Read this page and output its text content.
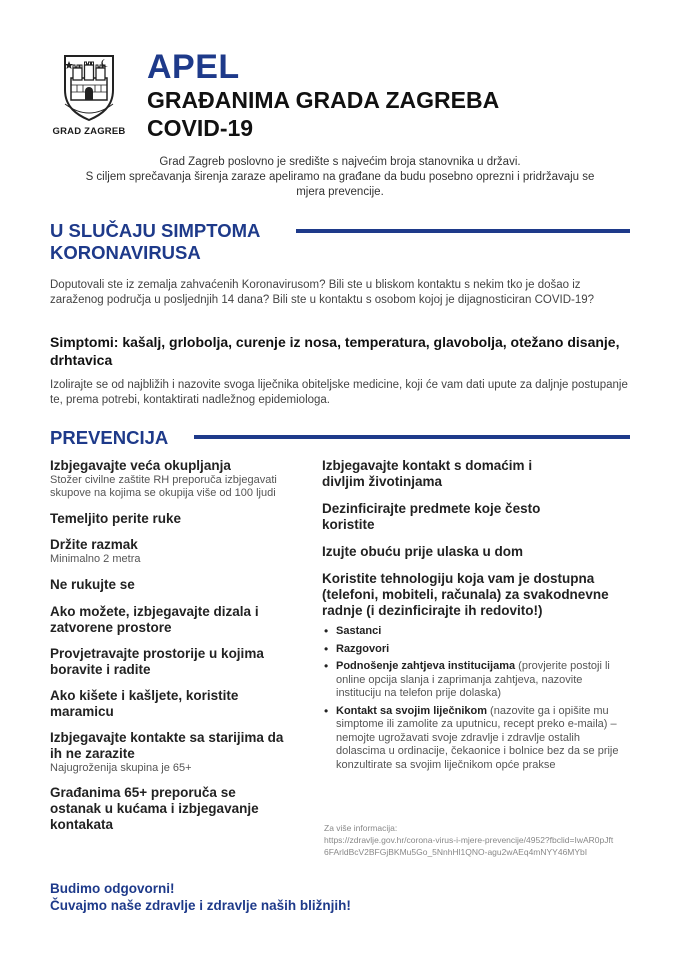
GRAD ZAGREB
APEL
GRAĐANIMA GRADA ZAGREBA
COVID-19

Grad Zagreb poslovno je središte s najvećim broja stanovnika u državi.

S ciljem sprečavanja širenja zaraze apeliramo na građane da budu posebno oprezni i pridržavaju se

mjera prevencije.

U SLUČAJU SIMPTOMA
KORONAVIRUSA
Doputovali ste iz zemalja zahvaćenih Koronavirusom? Bili ste u bliskom kontaktu s nekim tko je došao iz zaraženog područja u posljednjih 14 dana? Bili ste u kontaktu s osobom kojoj je dijagnosticiran COVID-19?
Simptomi: kašalj, grlobolja, curenje iz nosa, temperatura, glavobolja, otežano disanje, drhtavica
Izolirajte se od najbližih i nazovite svoga liječnika obiteljske medicine, koji će vam dati upute za daljnje postupanje te, prema potrebi, kontaktirati nadležnog epidemiologa.
PREVENCIJA
Izbjegavajte veća okupljanja
Stožer civilne zaštite RH preporuča izbjegavati skupove na kojima se okupija više od 100 ljudi
Temeljito perite ruke
Držite razmak
Minimalno 2 metra
Ne rukujte se
Ako možete, izbjegavajte dizala i zatvorene prostore
Provjetravajte prostorije u kojima boravite i radite
Ako kišete i kašljete, koristite maramicu
Izbjegavajte kontakte sa starijima da ih ne zarazite
Najugroženija skupina je 65+
Građanima 65+ preporuča se ostanak u kućama i izbjegavanje kontakata
Izbjegavajte kontakt s domaćim i divljim životinjama
Dezinficirajte predmete koje često koristite
Izujte obuću prije ulaska u dom
Koristite tehnologiju koja vam je dostupna (telefoni, mobiteli, računala) za svakodnevne radnje (i dezinficirajte ih redovito!)
• Sastanci
• Razgovori
• Podnošenje zahtjeva institucijama (provjerite postoji li online opcija slanja i zaprimanja zahtjeva, nazovite instituciju na telefon prije dolaska)
• Kontakt sa svojim liječnikom (nazovite ga i opišite mu simptome ili zamolite za uputnicu, recept preko e-maila) – nemojte ugrožavati svoje zdravlje i zdravlje ostalih dolascima u ordinacije, čekaonice i bolnice bez da se prije konzultirate sa svojim liječnikom opće prakse
Za više informacija:
https://zdravlje.gov.hr/corona-virus-i-mjere-prevencije/4952?fbclid=IwAR0pJft
6FArldBcV2BFGjBKMu5Go_5NnhHl1QNO-agu2wAEq4mNYY46MYbI
Budimo odgovorni!
Čuvajmo naše zdravlje i zdravlje naših bližnjih!
